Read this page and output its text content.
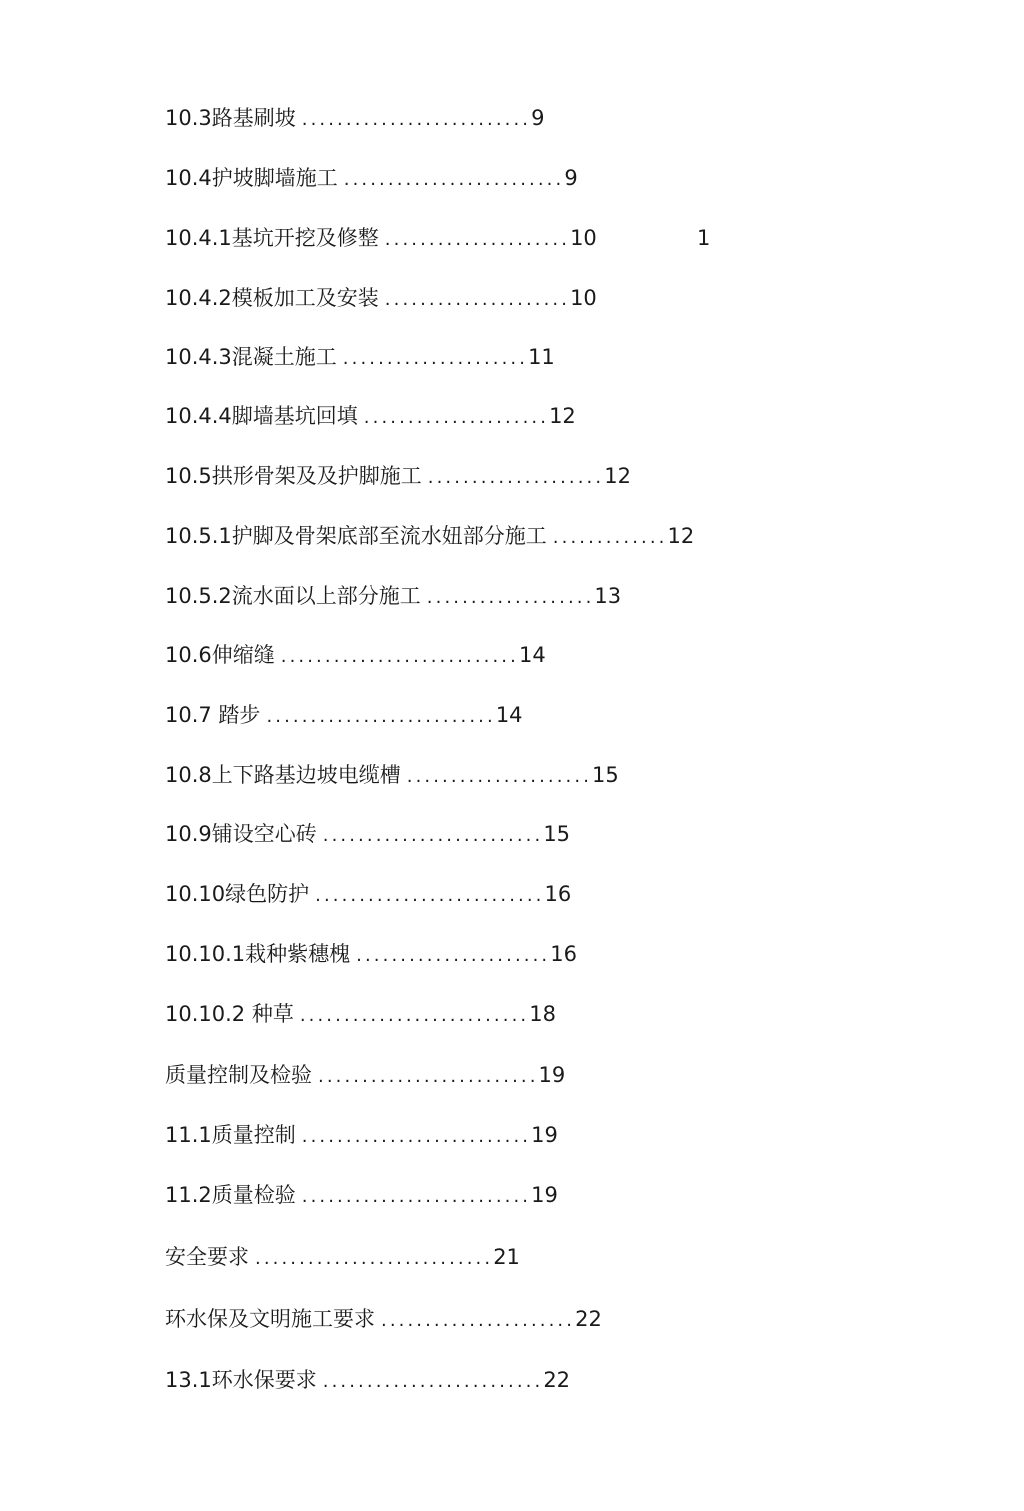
10.3路基刷坡 ..........................9
10.4护坡脚墙施工 .........................9
10.4.1基坑开挖及修整 .....................10
10.4.2模板加工及安装 .....................10
10.4.3混凝土施工 .....................11
10.4.4脚墙基坑回填 .....................12
10.5拱形骨架及及护脚施工 ....................12
10.5.1护脚及骨架底部至流水妞部分施工 .............12
10.5.2流水面以上部分施工 ...................13
10.6伸缩缝 ...........................14
10.7 踏步 ..........................14
10.8上下路基边坡电缆槽 .....................15
10.9铺设空心砖 .........................15
10.10绿色防护 ..........................16
10.10.1栽种紫穗槐 ......................16
10.10.2 种草 ..........................18
质量控制及检验 .........................19
11.1质量控制 ..........................19
11.2质量检验 ..........................19
安全要求 ...........................21
环水保及文明施工要求 ......................22
13.1环水保要求 .........................22
1
